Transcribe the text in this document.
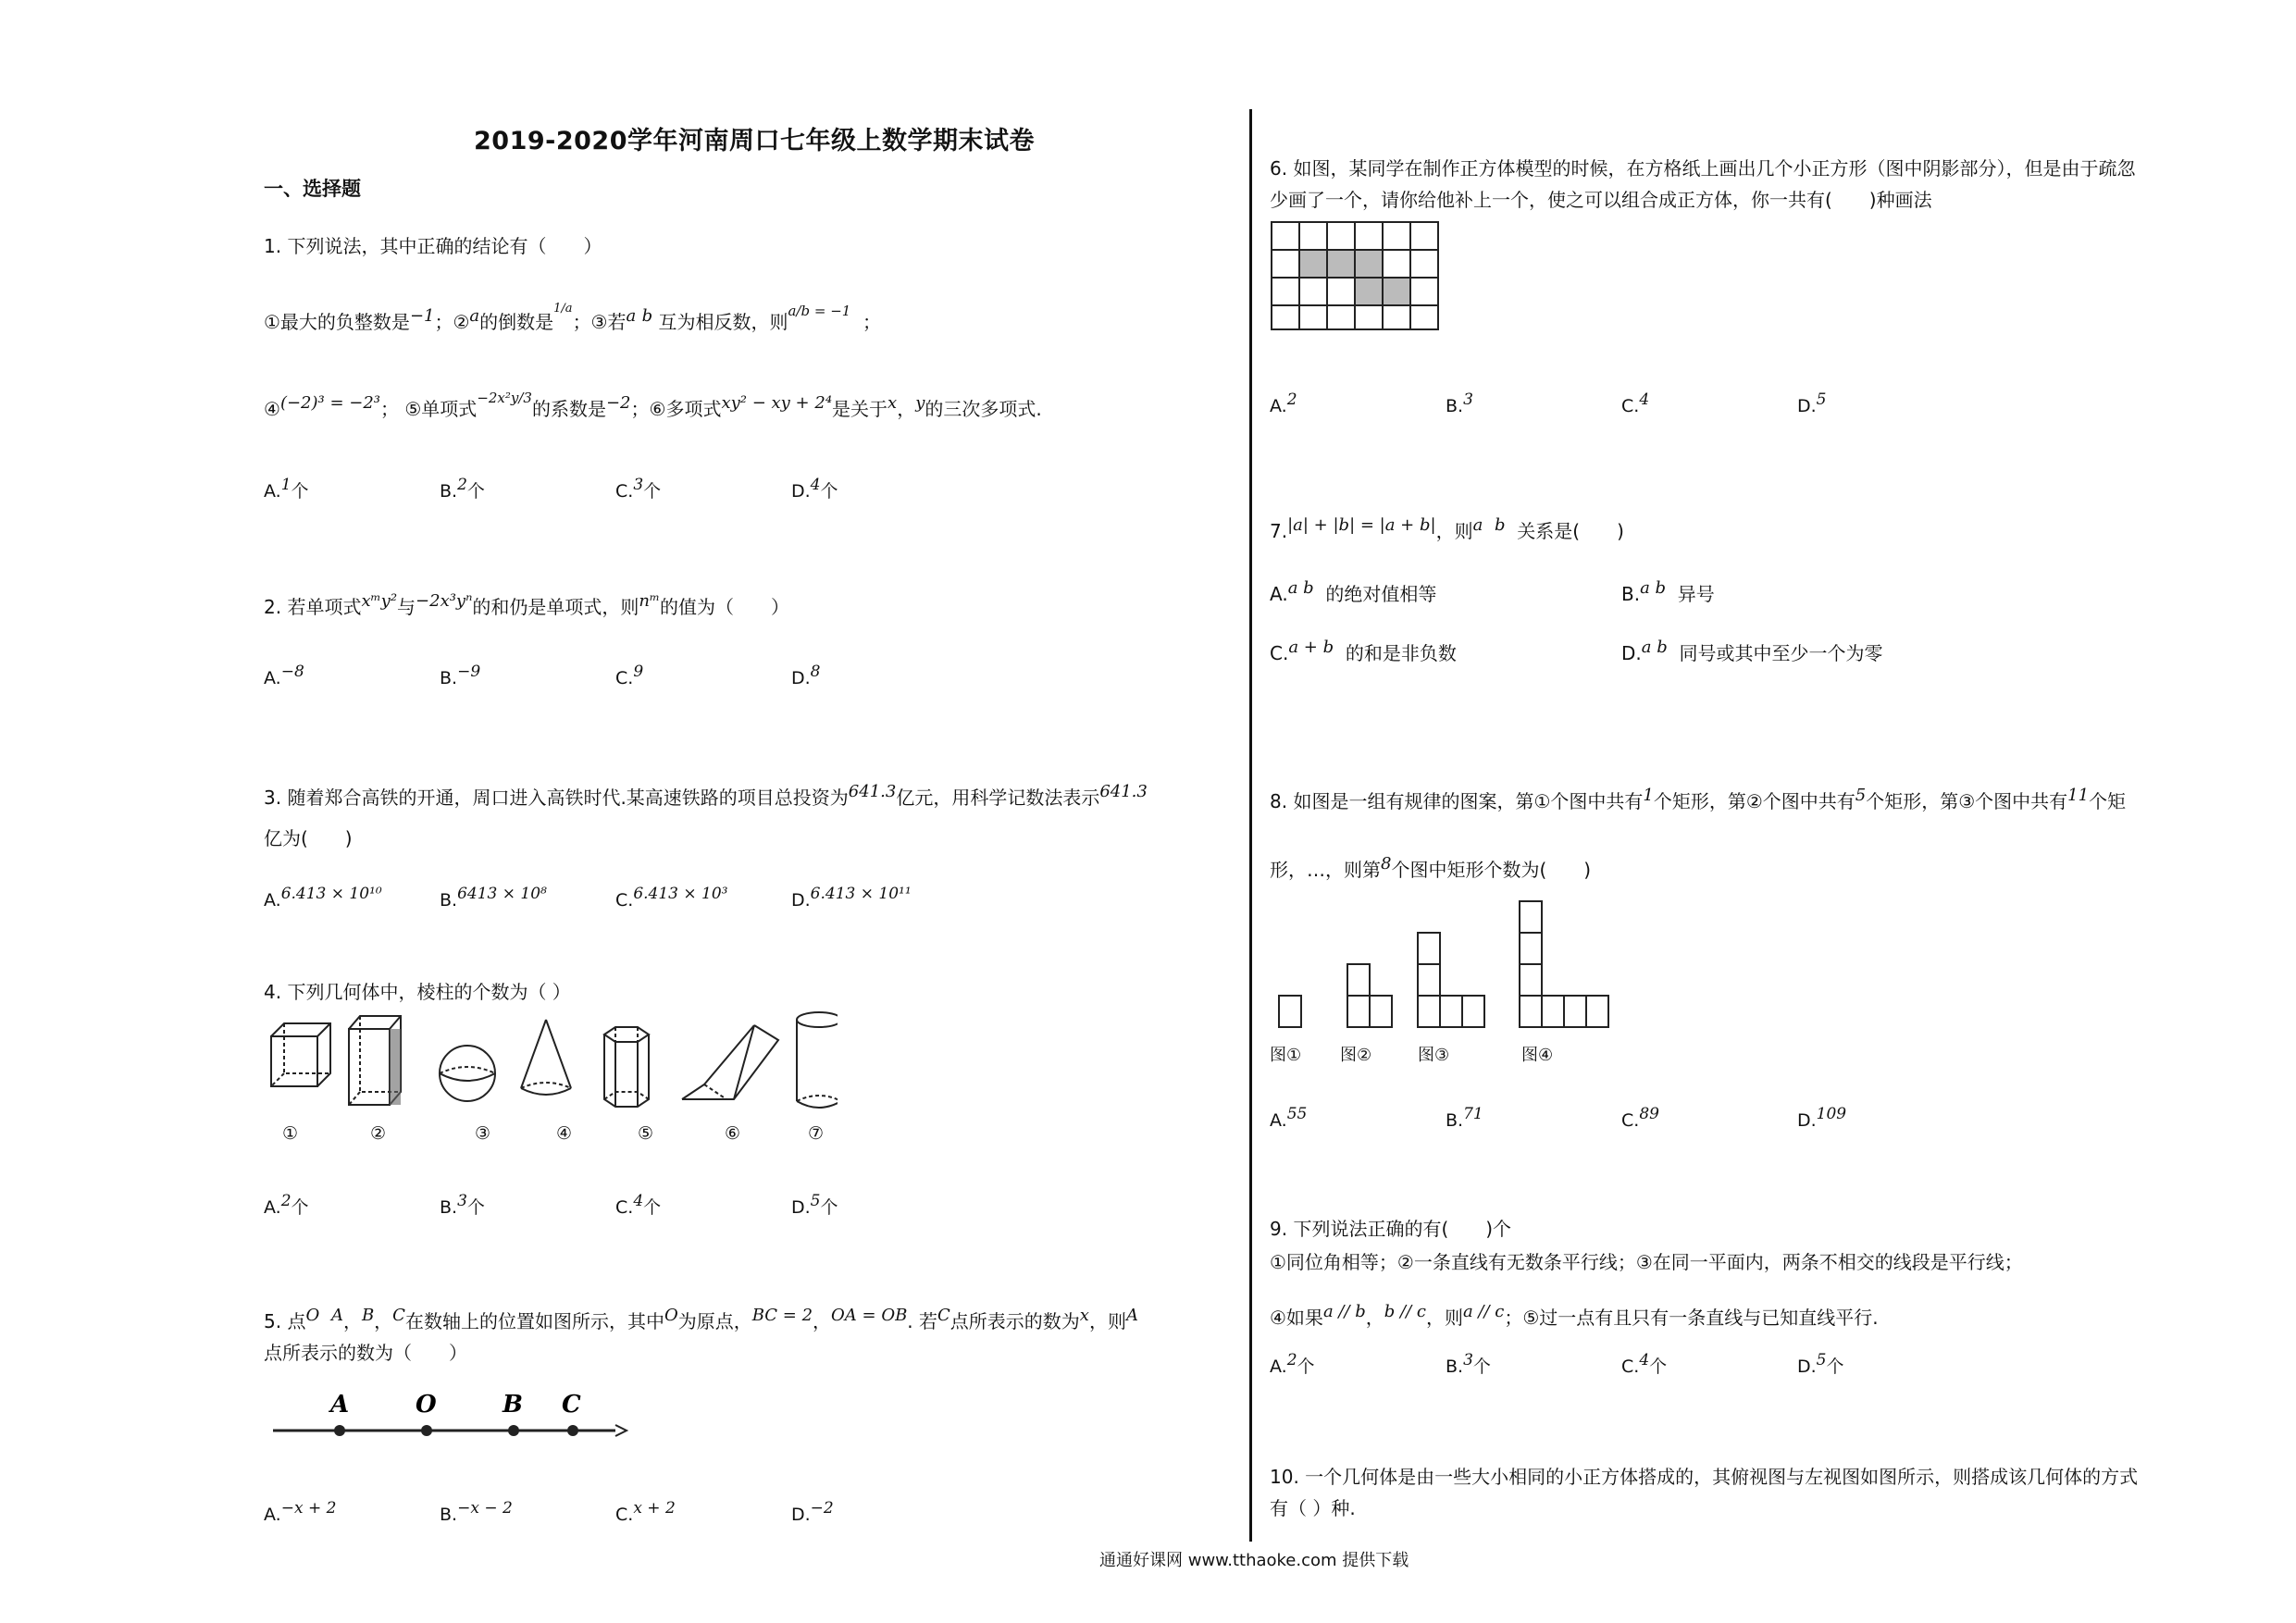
2019-2020学年河南周口七年级上数学期末试卷
一、选择题
1. 下列说法，其中正确的结论有（　　）
①最大的负整数是−1；②a的倒数是$^{1/a}$；③若a b 互为相反数，则$^{a/b = -1}$ ；
④(−2)³ = −2³； ⑤单项式$^{-2x^2y/3}$的系数是−2；⑥多项式xy² − xy + 2⁴是关于x，y的三次多项式.
A.1个	B.2个	C.3个	D.4个
2. 若单项式xᵐy²与−2x³yⁿ的和仍是单项式，则nᵐ的值为（　　）
A.−8	B.−9	C.9	D.8
3. 随着郑合高铁的开通，周口进入高铁时代.某高速铁路的项目总投资为641.3亿元，用科学记数法表示641.3
亿为(　　)
A.6.413 × 10¹⁰	B.6413 × 10⁸	C.6.413 × 10³	D.6.413 × 10¹¹
4. 下列几何体中，棱柱的个数为（ ）
①	②	③	④	⑤	⑥	⑦
A.2个	B.3个	C.4个	D.5个
5. 点O A，B，C在数轴上的位置如图所示，其中O为原点，BC = 2，OA = OB. 若C点所表示的数为x，则A
点所表示的数为（　　）
A	O	B C
A.−x + 2	B.−x − 2	C.x + 2	D.−2
6. 如图，某同学在制作正方体模型的时候，在方格纸上画出几个小正方形（图中阴影部分），但是由于疏忽
少画了一个，请你给他补上一个，使之可以组合成正方体，你一共有(　　)种画法
A.2	B.3	C.4	D.5
7.|a| + |b| = |a + b|，则a b 关系是(　　)
A.a b 的绝对值相等	B.a b 异号
C.a + b 的和是非负数	D.a b 同号或其中至少一个为零
8. 如图是一组有规律的图案，第①个图中共有1个矩形，第②个图中共有5个矩形，第③个图中共有11个矩
形，…，则第8个图中矩形个数为(　　)
图① 图②	图③	图④
A.55	B.71	C.89	D.109
9. 下列说法正确的有(　　)个
①同位角相等；②一条直线有无数条平行线；③在同一平面内，两条不相交的线段是平行线；
④如果a // b，b // c，则a // c；⑤过一点有且只有一条直线与已知直线平行.
A.2个	B.3个	C.4个	D.5个
10. 一个几何体是由一些大小相同的小正方体搭成的，其俯视图与左视图如图所示，则搭成该几何体的方式
有（ ）种.
通通好课网 www.tthaoke.com 提供下载
